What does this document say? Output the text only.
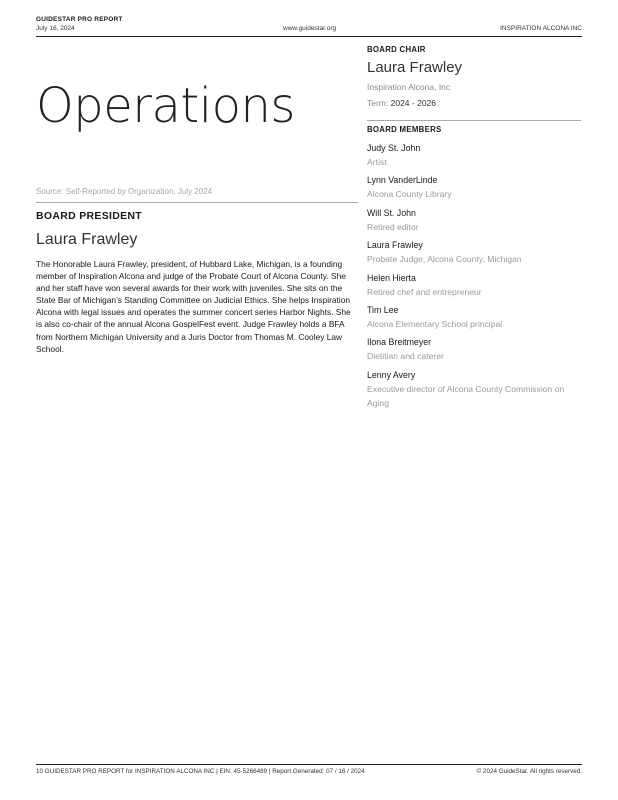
GUIDESTAR PRO REPORT
July 16, 2024	www.guidestar.org	INSPIRATION ALCONA INC
Operations
Source: Self-Reported by Organization, July 2024
BOARD PRESIDENT
Laura Frawley
The Honorable Laura Frawley, president, of Hubbard Lake, Michigan, is a founding member of Inspiration Alcona and judge of the Probate Court of Alcona County. She and her staff have won several awards for their work with juveniles. She sits on the State Bar of Michigan’s Standing Committee on Judicial Ethics. She helps Inspiration Alcona with legal issues and operates the summer concert series Harbor Nights. She is also co-chair of the annual Alcona GospelFest event. Judge Frawley holds a BFA from Northern Michigan University and a Juris Doctor from Thomas M. Cooley Law School.
BOARD CHAIR
Laura Frawley
Inspiration Alcona, Inc
Term: 2024 - 2026
BOARD MEMBERS
Judy St. John
Artist
Lynn VanderLinde
Alcona County Library
Will St. John
Retired editor
Laura Frawley
Probate Judge, Alcona County, Michigan
Helen Hierta
Retired chef and entrepreneur
Tim Lee
Alcona Elementary School principal
Ilona Breitmeyer
Dietitian and caterer
Lenny Avery
Executive director of Alcona County Commission on Aging
10 GUIDESTAR PRO REPORT for INSPIRATION ALCONA INC | EIN: 45-5266489 | Report Generated: 07 / 16 / 2024	© 2024 GuideStar. All rights reserved.
